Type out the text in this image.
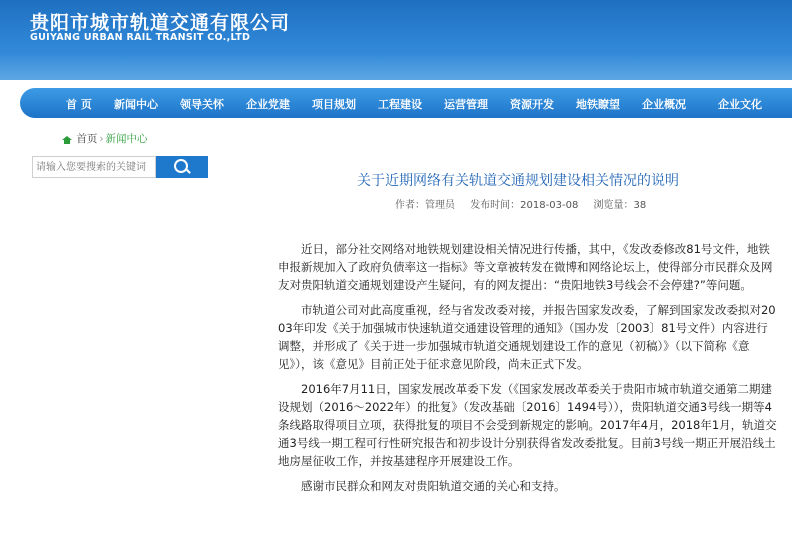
贵阳市城市轨道交通有限公司
GUIYANG URBAN RAIL TRANSIT CO.,LTD
首 页 新闻中心 领导关怀 企业党建 项目规划 工程建设 运营管理 资源开发 地铁瞭望 企业概况	企业文化
首页 › 新闻中心
请输入您要搜索的关键词
关于近期网络有关轨道交通规划建设相关情况的说明
作者：管理员 发布时间：2018-03-08 浏览量：38

近日，部分社交网络对地铁规划建设相关情况进行传播，其中，《发改委修改81号文件，地铁申报新规加入了政府负债率这一指标》等文章被转发在微博和网络论坛上，使得部分市民群众及网友对贵阳轨道交通规划建设产生疑问，有的网友提出：“贵阳地铁3号线会不会停建?”等问题。

市轨道公司对此高度重视，经与省发改委对接，并报告国家发改委，了解到国家发改委拟对2003年印发《关于加强城市快速轨道交通建设管理的通知》（国办发〔2003〕81号文件）内容进行调整，并形成了《关于进一步加强城市轨道交通规划建设工作的意见（初稿）》（以下简称《意见》），该《意见》目前正处于征求意见阶段，尚未正式下发。

2016年7月11日，国家发展改革委下发（《国家发展改革委关于贵阳市城市轨道交通第二期建设规划（2016～2022年）的批复》（发改基础〔2016〕1494号）），贵阳轨道交通3号线一期等4条线路取得项目立项，获得批复的项目不会受到新规定的影响。2017年4月，2018年1月，轨道交通3号线一期工程可行性研究报告和初步设计分别获得省发改委批复。目前3号线一期正开展沿线土地房屋征收工作，并按基建程序开展建设工作。

感谢市民群众和网友对贵阳轨道交通的关心和支持。
